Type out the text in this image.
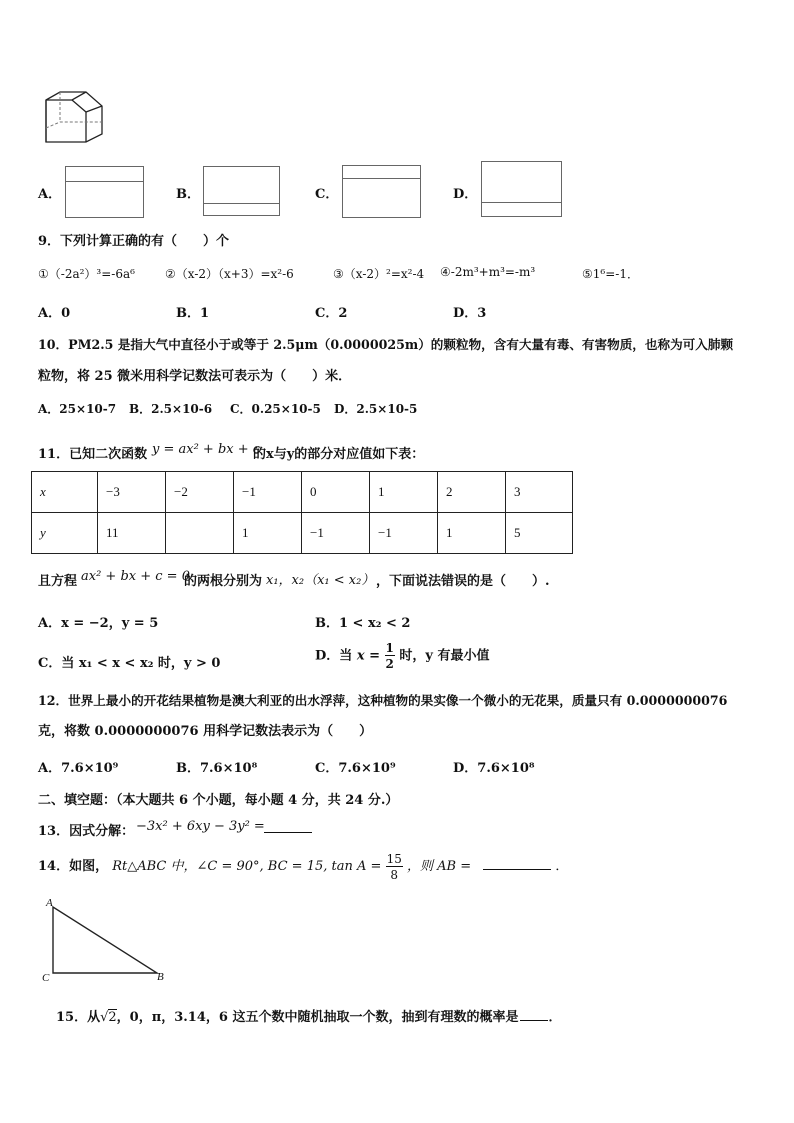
A．	B．	C．	D．
9．下列计算正确的有（　　）个
①（-2a²）³=-6a⁶	②（x-2）（x+3）=x²-6	③（x-2）²=x²-4 ④-2m³+m³=-m³	⑤1⁶=-1．
A．0	B．1	C．2	D．3
10．PM2.5 是指大气中直径小于或等于 2.5μm（0.0000025m）的颗粒物，含有大量有毒、有害物质，也称为可入肺颗
粒物，将 25 微米用科学记数法可表示为（　　）米．
A．25×10-7 B．2.5×10-6 C．0.25×10-5 D．2.5×10-5
11．已知二次函数 y = ax² + bx + c
的x与y的部分对应值如下表：
x	−3	−2	−1	0	1	2	3
y	11		1	−1	−1	1	5
且方程 ax² + bx + c = 0
的两根分别为 x₁，x₂（x₁ < x₂） ，下面说法错误的是（　　）.
A．x = −2，y = 5	B．1 < x₂ < 2
C．当 x₁ < x < x₂ 时，y > 0	D．当 $x = \frac{1}{2}$ 时，y 有最小值
12．世界上最小的开花结果植物是澳大利亚的出水浮萍，这种植物的果实像一个微小的无花果，质量只有 0.0000000076
克，将数 0.0000000076 用科学记数法表示为（　　）
A．7.6×10⁹	B．7.6×10⁸	C．7.6×10⁹	D．7.6×10⁸
二、填空题：（本大题共 6 个小题，每小题 4 分，共 24 分.）
13．因式分解： −3x² + 6xy − 3y² =
14．如图， Rt△ABC 中，∠C = 90°, BC = 15, $\tan A = \frac{15}{8}$ ，则 AB =	．
A
C	B
15．从√2，0，π，3.14，6 这五个数中随机抽取一个数，抽到有理数的概率是 ．
